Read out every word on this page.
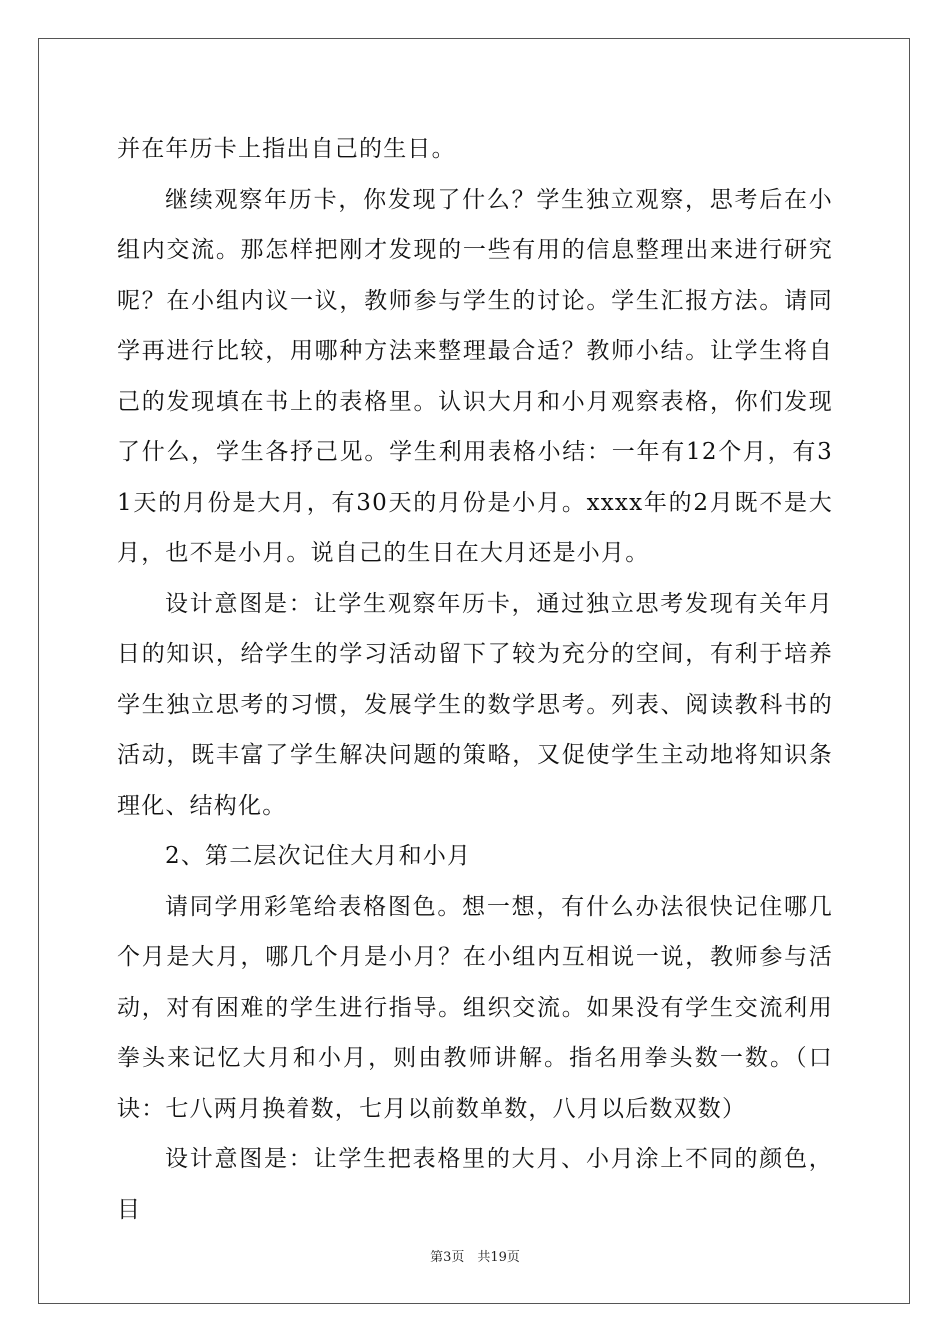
并在年历卡上指出自己的生日。

继续观察年历卡，你发现了什么？学生独立观察，思考后在小组内交流。那怎样把刚才发现的一些有用的信息整理出来进行研究呢？在小组内议一议，教师参与学生的讨论。学生汇报方法。请同学再进行比较，用哪种方法来整理最合适？教师小结。让学生将自己的发现填在书上的表格里。认识大月和小月观察表格，你们发现了什么，学生各抒己见。学生利用表格小结：一年有12个月，有31天的月份是大月，有30天的月份是小月。xxxx年的2月既不是大月，也不是小月。说自己的生日在大月还是小月。

设计意图是：让学生观察年历卡，通过独立思考发现有关年月日的知识，给学生的学习活动留下了较为充分的空间，有利于培养学生独立思考的习惯，发展学生的数学思考。列表、阅读教科书的活动，既丰富了学生解决问题的策略，又促使学生主动地将知识条理化、结构化。

2、第二层次记住大月和小月

请同学用彩笔给表格图色。想一想，有什么办法很快记住哪几个月是大月，哪几个月是小月？在小组内互相说一说，教师参与活动，对有困难的学生进行指导。组织交流。如果没有学生交流利用拳头来记忆大月和小月，则由教师讲解。指名用拳头数一数。（口诀：七八两月换着数，七月以前数单数，八月以后数双数）

设计意图是：让学生把表格里的大月、小月涂上不同的颜色，目

第3页　共19页
